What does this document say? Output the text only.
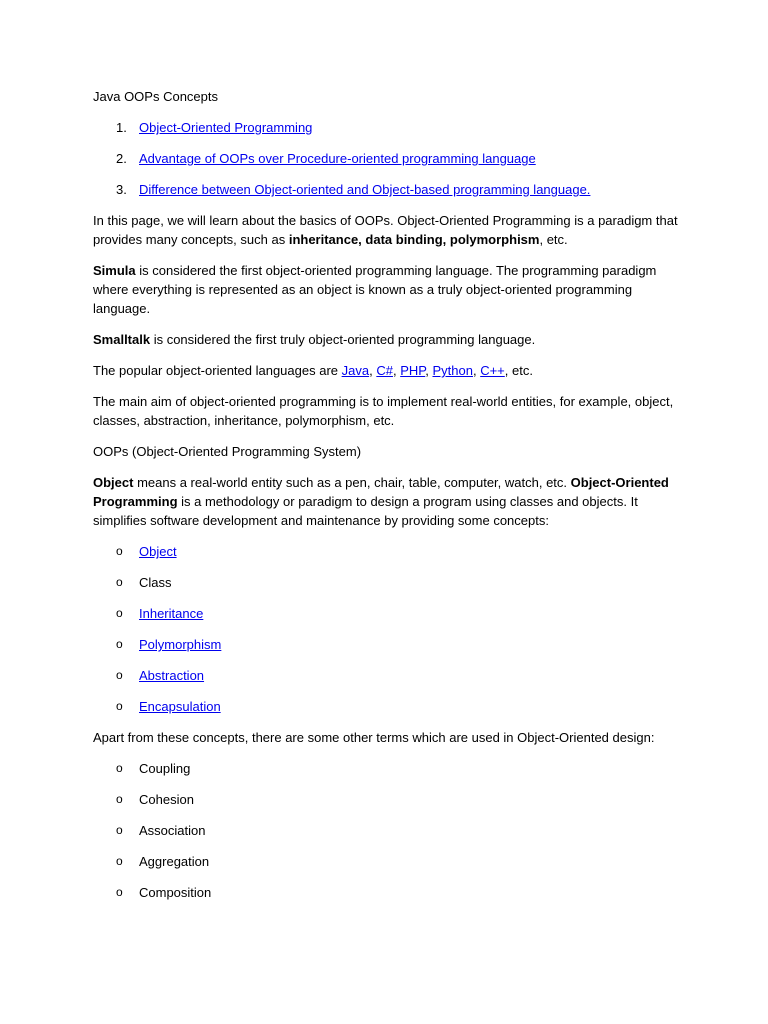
Java OOPs Concepts

1. Object-Oriented Programming
2. Advantage of OOPs over Procedure-oriented programming language
3. Difference between Object-oriented and Object-based programming language.

In this page, we will learn about the basics of OOPs. Object-Oriented Programming is a paradigm that provides many concepts, such as inheritance, data binding, polymorphism, etc.

Simula is considered the first object-oriented programming language. The programming paradigm where everything is represented as an object is known as a truly object-oriented programming language.

Smalltalk is considered the first truly object-oriented programming language.

The popular object-oriented languages are Java, C#, PHP, Python, C++, etc.

The main aim of object-oriented programming is to implement real-world entities, for example, object, classes, abstraction, inheritance, polymorphism, etc.

OOPs (Object-Oriented Programming System)

Object means a real-world entity such as a pen, chair, table, computer, watch, etc. Object-Oriented Programming is a methodology or paradigm to design a program using classes and objects. It simplifies software development and maintenance by providing some concepts:

o Object
o Class
o Inheritance
o Polymorphism
o Abstraction
o Encapsulation

Apart from these concepts, there are some other terms which are used in Object-Oriented design:

o Coupling
o Cohesion
o Association
o Aggregation
o Composition
